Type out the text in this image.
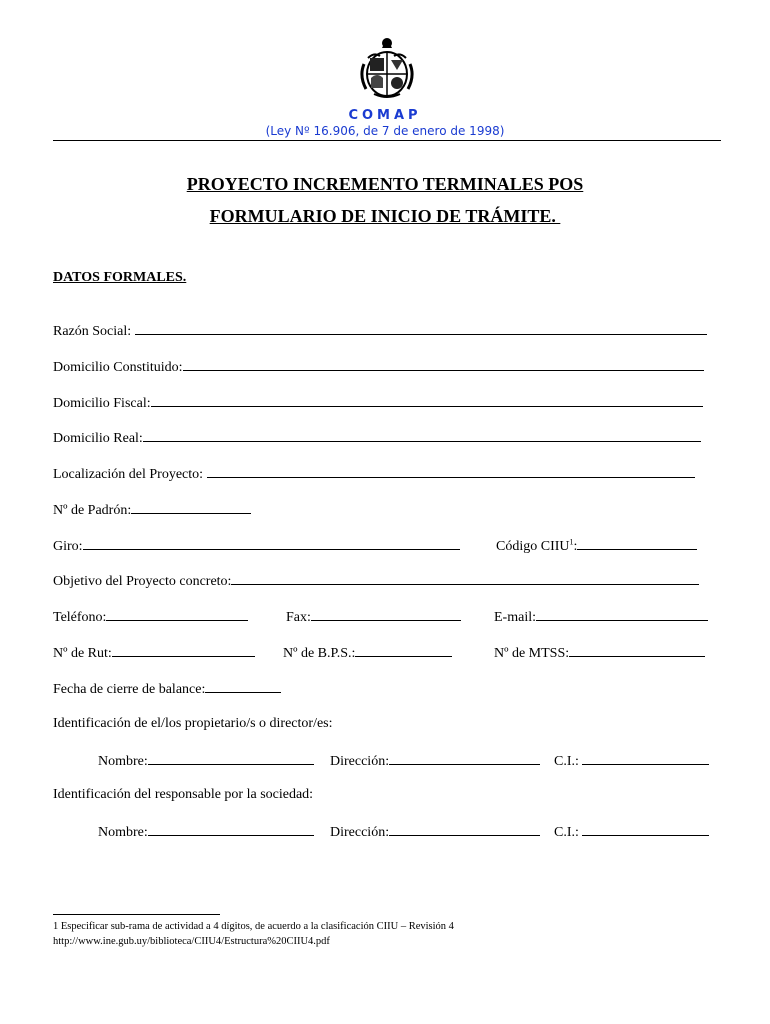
COMAP
(Ley Nº 16.906, de 7 de enero de 1998)
PROYECTO INCREMENTO TERMINALES POS
FORMULARIO DE INICIO DE TRÁMITE.
DATOS FORMALES.
Razón Social:
Domicilio Constituido:
Domicilio Fiscal:
Domicilio Real:
Localización del Proyecto:
Nº de Padrón:
Giro:	Código CIIU$^1$:
Objetivo del Proyecto concreto:
Teléfono:	Fax:	E-mail:
Nº de Rut:	Nº de B.P.S.:	Nº de MTSS:
Fecha de cierre de balance:
Identificación de el/los propietario/s o director/es:
Nombre:	Dirección:	C.I.:
Identificación del responsable por la sociedad:
Nombre:	Dirección:	C.I.:
1 Especificar sub-rama de actividad a 4 dígitos, de acuerdo a la clasificación CIIU – Revisión 4
http://www.ine.gub.uy/biblioteca/CIIU4/Estructura%20CIIU4.pdf
